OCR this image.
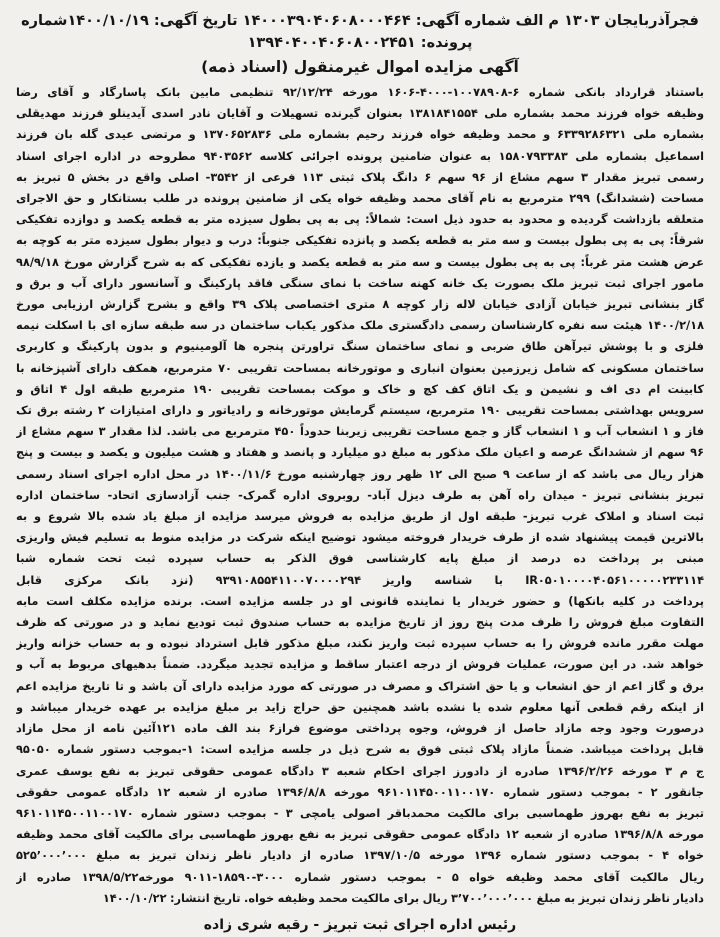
فجرآذربایجان ۱۳۰۳ م الف شماره آگهی: ۱۴۰۰۰۳۹۰۴۰۶۰۸۰۰۰۴۶۴ تاریخ آگهی: ۱۴۰۰/۱۰/۱۹شماره
پرونده: ۱۳۹۴۰۴۰۰۴۰۶۰۸۰۰۲۴۵۱
آگهی مزایده اموال غیرمنقول (اسناد ذمه)
باستناد قرارداد بانکی شماره ۶-۱۰۰۷۸۹۰۸-۴۰۰۰-۱۶۰۶ مورخه ۹۲/۱۲/۲۴ تنظیمی مابین بانک پاسارگاد و آقای رضا
وظیفه خواه فرزند محمد بشماره ملی ۱۳۸۱۸۴۱۵۵۴ بعنوان گیرنده تسهیلات و آقایان نادر اسدی آیدینلو فرزند مهدیقلی
بشماره ملی ۶۳۳۹۲۸۶۳۲۱ و محمد وظیفه خواه فرزند رحیم بشماره ملی ۱۳۷۰۶۵۲۸۳۶ و مرتضی عیدی گله بان فرزند
اسماعیل بشماره ملی ۱۵۸۰۷۹۳۳۸۳ به عنوان ضامنین پرونده اجرائی کلاسه ۹۴۰۳۵۶۲ مطروحه در اداره اجرای اسناد
رسمی تبریز مقدار ۳ سهم مشاع از ۹۶ سهم ۶ دانگ پلاک ثبتی ۱۱۳ فرعی از ۳۵۴۲- اصلی واقع در بخش ۵ تبریز به
مساحت (ششدانگ) ۲۹۹ مترمربع به نام آقای محمد وظیفه خواه یکی از ضامنین پرونده در طلب بستانکار و حق الاجرای
متعلقه بازداشت گردیده و محدود به حدود ذیل است: شمالاً: پی به پی بطول سیزده متر به قطعه یکصد و دوازده تفکیکی
شرقاً: پی به پی بطول بیست و سه متر به قطعه یکصد و پانزده تفکیکی جنوباً: درب و دیوار بطول سیزده متر به کوچه به
عرض هشت متر غرباً: پی به پی بطول بیست و سه متر به قطعه یکصد و یازده تفکیکی که به شرح گزارش مورخ ۹۸/۹/۱۸
مامور اجرای ثبت تبریز ملک بصورت یک خانه کهنه ساخت با نمای سنگی فاقد پارکینگ و آسانسور دارای آب و برق و
گاز بنشانی تبریز خیابان آزادی خیابان لاله زار کوچه ۸ متری اختصاصی پلاک ۳۹ واقع و بشرح گزارش ارزیابی مورخ
۱۴۰۰/۲/۱۸ هیئت سه نفره کارشناسان رسمی دادگستری ملک مذکور یکباب ساختمان در سه طبقه سازه ای با اسکلت نیمه
فلزی و با پوشش تیرآهن طاق ضربی و نمای ساختمان سنگ تراورتن پنجره ها آلومینیوم و بدون پارکینگ و کاربری
ساختمان مسکونی که شامل زیرزمین بعنوان انباری و موتورخانه بمساحت تقریبی ۷۰ مترمربع، همکف دارای آشپزخانه با
کابینت ام دی اف و نشیمن و یک اتاق کف کچ و خاک و موکت بمساحت تقریبی ۱۹۰ مترمربع طبقه اول ۴ اتاق و
سرویس بهداشتی بمساحت تقریبی ۱۹۰ مترمربع، سیستم گرمایش موتورخانه و رادیاتور و دارای امتیازات ۲ رشته برق تک
فاز و ۱ انشعاب آب و ۱ انشعاب گاز و جمع مساحت تقریبی زیربنا حدوداً ۴۵۰ مترمربع می باشد. لذا مقدار ۳ سهم مشاع از
۹۶ سهم از ششدانگ عرصه و اعیان ملک مذکور به مبلغ دو میلیارد و پانصد و هفتاد و هشت میلیون و یکصد و بیست و پنج
هزار ریال می باشد که از ساعت ۹ صبح الی ۱۲ ظهر روز چهارشنبه مورخ ۱۴۰۰/۱۱/۶ در محل اداره اجرای اسناد رسمی
تبریز بنشانی تبریز - میدان راه آهن به طرف دیزل آباد- روبروی اداره گمرک- جنب آزادسازی اتحاد- ساختمان اداره
ثبت اسناد و املاک غرب تبریز- طبقه اول از طریق مزایده به فروش میرسد مزایده از مبلغ یاد شده بالا شروع و به
بالاترین قیمت پیشنهاد شده از طرف خریدار فروخته میشود توضیح اینکه شرکت در مزایده منوط به تسلیم فیش واریزی
مبنی بر پرداخت ده درصد از مبلغ پایه کارشناسی فوق الذکر به حساب سپرده ثبت تحت شماره شبا
IR۰۵۰۱۰۰۰۰۴۰۵۶۱۰۰۰۰۰۲۳۳۱۱۴ با شناسه واریز ۹۳۹۱۰۸۵۵۴۱۱۰۰۷۰۰۰۰۲۹۴ (نزد بانک مرکزی قابل
پرداخت در کلیه بانکها) و حضور خریدار یا نماینده قانونی او در جلسه مزایده است. برنده مزایده مکلف است مابه
التفاوت مبلغ فروش را ظرف مدت پنج روز از تاریخ مزایده به حساب صندوق ثبت تودیع نماید و در صورتی که ظرف
مهلت مقرر مانده فروش را به حساب سپرده ثبت واریز نکند، مبلغ مذکور قابل استرداد نبوده و به حساب خزانه واریز
خواهد شد. در این صورت، عملیات فروش از درجه اعتبار ساقط و مزایده تجدید میگردد. ضمناً بدهیهای مربوط به آب و
برق و گاز اعم از حق انشعاب و یا حق اشتراک و مصرف در صورتی که مورد مزایده دارای آن باشد و تا تاریخ مزایده اعم
از اینکه رقم قطعی آنها معلوم شده یا نشده باشد همچنین حق حراج زاید بر مبلغ مزایده بر عهده خریدار میباشد و
درصورت وجود وجه مازاد حاصل از فروش، وجوه پرداختی موضوع فراز۶ بند الف ماده ۱۲۱آئین نامه از محل مازاد
قابل پرداخت میباشد. ضمناً مازاد پلاک ثبتی فوق به شرح ذیل در جلسه مزایده است: ۱-بموجب دستور شماره ۹۵۰۵۰
ج م ۳ مورخه ۱۳۹۶/۲/۲۶ صادره از دادورز اجرای احکام شعبه ۳ دادگاه عمومی حقوقی تبریز به نفع یوسف عمری
جانقور ۲ - بموجب دستور شماره ۹۶۱۰۱۱۴۵۰۰۱۱۰۰۱۷۰ مورخه ۱۳۹۶/۸/۸ صادره از شعبه ۱۲ دادگاه عمومی حقوقی
تبریز به نفع بهروز طهماسبی برای مالکیت محمدباقر اصولی یامچی ۳ - بموجب دستور شماره ۹۶۱۰۱۱۴۵۰۰۱۱۰۰۱۷۰
مورخه ۱۳۹۶/۸/۸ صادره از شعبه ۱۲ دادگاه عمومی حقوقی تبریز به نفع بهروز طهماسبی برای مالکیت آقای محمد وظیفه
خواه ۴ - بموجب دستور شماره ۱۳۹۶ مورخه ۱۳۹۷/۱۰/۵ صادره از دادیار ناظر زندان تبریز به مبلغ ۵۲۵٬۰۰۰٬۰۰۰
ریال مالکیت آقای محمد وظیفه خواه ۵ - بموجب دستور شماره ۳۰۰۰-۱۸۵۹۰-۹۰۱۱ مورخه۱۳۹۸/۵/۲۲ صادره از
دادیار ناظر زندان تبریز به مبلغ ۳٬۷۰۰٬۰۰۰٬۰۰۰ ریال برای مالکیت محمد وظیفه خواه. تاریخ انتشار: ۱۴۰۰/۱۰/۲۲
رئیس اداره اجرای ثبت تبریز - رقیه شری زاده
